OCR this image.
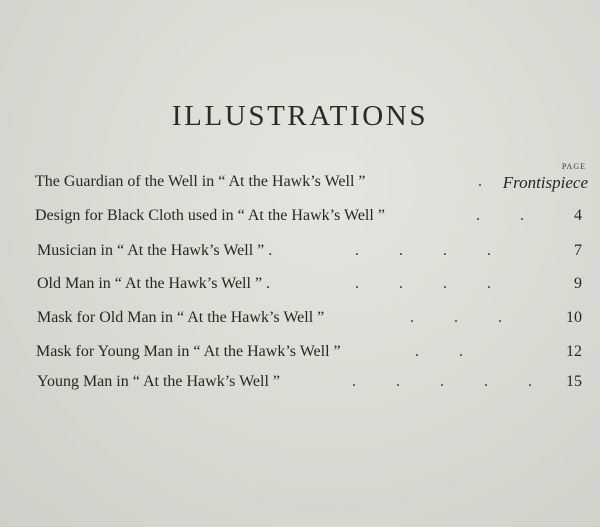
ILLUSTRATIONS
PAGE
The Guardian of the Well in “ At the Hawk’s Well ”	. Frontispiece
Design for Black Cloth used in “ At the Hawk’s Well ”	.          .	4
Musician in “ At the Hawk’s Well ” .	.          .          .          .	7
Old Man in “ At the Hawk’s Well ” .	.          .          .          .	9
Mask for Old Man in “ At the Hawk’s Well ”	.          .          .	10
Mask for Young Man in “ At the Hawk’s Well ”	.          .	12
Young Man in “ At the Hawk’s Well ”	.          .          .          .          . 15
